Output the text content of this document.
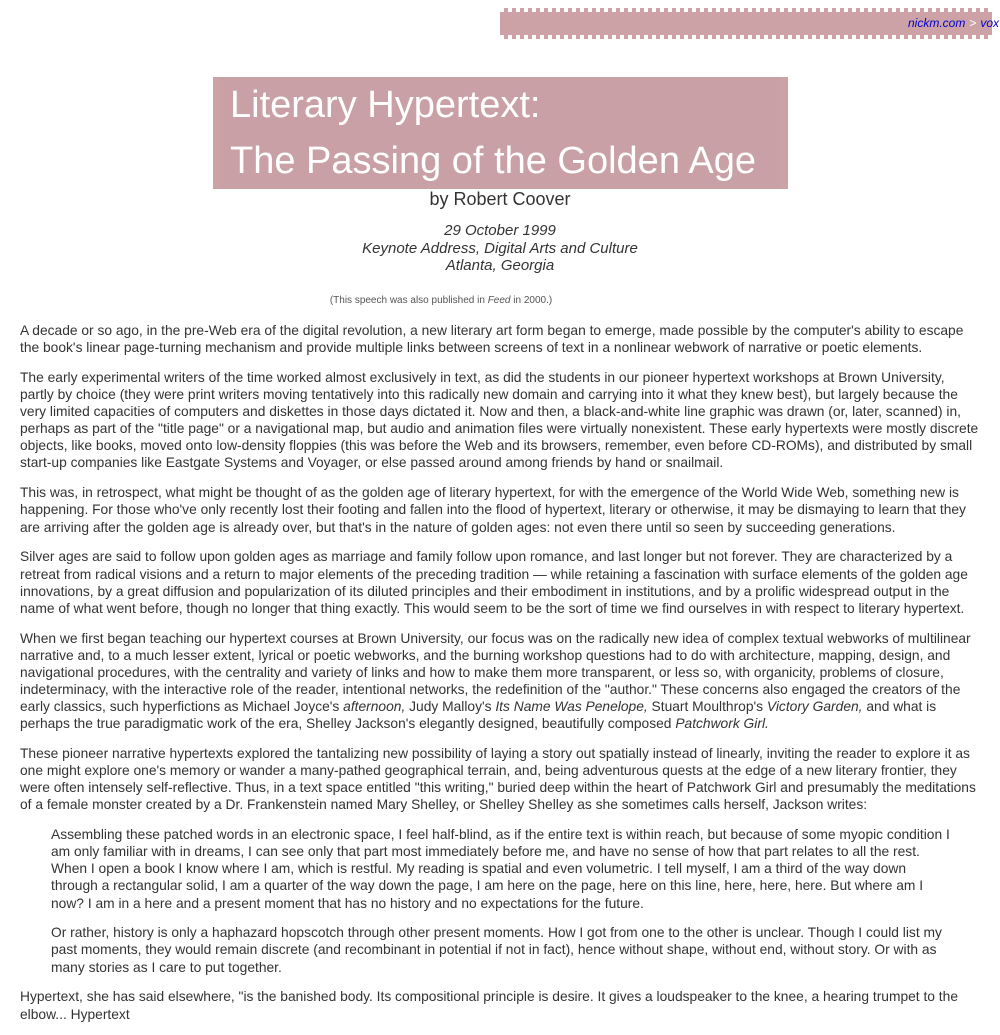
nickm.com > vox
Literary Hypertext:
The Passing of the Golden Age
by Robert Coover
29 October 1999
Keynote Address, Digital Arts and Culture
Atlanta, Georgia
(This speech was also published in Feed in 2000.)

A decade or so ago, in the pre-Web era of the digital revolution, a new literary art form began to emerge, made possible by the computer's ability to escape the book's linear page-turning mechanism and provide multiple links between screens of text in a nonlinear webwork of narrative or poetic elements.

The early experimental writers of the time worked almost exclusively in text, as did the students in our pioneer hypertext workshops at Brown University, partly by choice (they were print writers moving tentatively into this radically new domain and carrying into it what they knew best), but largely because the very limited capacities of computers and diskettes in those days dictated it. Now and then, a black-and-white line graphic was drawn (or, later, scanned) in, perhaps as part of the "title page" or a navigational map, but audio and animation files were virtually nonexistent. These early hypertexts were mostly discrete objects, like books, moved onto low-density floppies (this was before the Web and its browsers, remember, even before CD-ROMs), and distributed by small start-up companies like Eastgate Systems and Voyager, or else passed around among friends by hand or snailmail.

This was, in retrospect, what might be thought of as the golden age of literary hypertext, for with the emergence of the World Wide Web, something new is happening. For those who've only recently lost their footing and fallen into the flood of hypertext, literary or otherwise, it may be dismaying to learn that they are arriving after the golden age is already over, but that's in the nature of golden ages: not even there until so seen by succeeding generations.

Silver ages are said to follow upon golden ages as marriage and family follow upon romance, and last longer but not forever. They are characterized by a retreat from radical visions and a return to major elements of the preceding tradition — while retaining a fascination with surface elements of the golden age innovations, by a great diffusion and popularization of its diluted principles and their embodiment in institutions, and by a prolific widespread output in the name of what went before, though no longer that thing exactly. This would seem to be the sort of time we find ourselves in with respect to literary hypertext.

When we first began teaching our hypertext courses at Brown University, our focus was on the radically new idea of complex textual webworks of multilinear narrative and, to a much lesser extent, lyrical or poetic webworks, and the burning workshop questions had to do with architecture, mapping, design, and navigational procedures, with the centrality and variety of links and how to make them more transparent, or less so, with organicity, problems of closure, indeterminacy, with the interactive role of the reader, intentional networks, the redefinition of the "author." These concerns also engaged the creators of the early classics, such hyperfictions as Michael Joyce's afternoon, Judy Malloy's Its Name Was Penelope, Stuart Moulthrop's Victory Garden, and what is perhaps the true paradigmatic work of the era, Shelley Jackson's elegantly designed, beautifully composed Patchwork Girl.

These pioneer narrative hypertexts explored the tantalizing new possibility of laying a story out spatially instead of linearly, inviting the reader to explore it as one might explore one's memory or wander a many-pathed geographical terrain, and, being adventurous quests at the edge of a new literary frontier, they were often intensely self-reflective. Thus, in a text space entitled "this writing," buried deep within the heart of Patchwork Girl and presumably the meditations of a female monster created by a Dr. Frankenstein named Mary Shelley, or Shelley Shelley as she sometimes calls herself, Jackson writes:

Assembling these patched words in an electronic space, I feel half-blind, as if the entire text is within reach, but because of some myopic condition I am only familiar with in dreams, I can see only that part most immediately before me, and have no sense of how that part relates to all the rest. When I open a book I know where I am, which is restful. My reading is spatial and even volumetric. I tell myself, I am a third of the way down through a rectangular solid, I am a quarter of the way down the page, I am here on the page, here on this line, here, here, here. But where am I now? I am in a here and a present moment that has no history and no expectations for the future.

Or rather, history is only a haphazard hopscotch through other present moments. How I got from one to the other is unclear. Though I could list my past moments, they would remain discrete (and recombinant in potential if not in fact), hence without shape, without end, without story. Or with as many stories as I care to put together.

Hypertext, she has said elsewhere, "is the banished body. Its compositional principle is desire. It gives a loudspeaker to the knee, a hearing trumpet to the elbow... Hypertext
